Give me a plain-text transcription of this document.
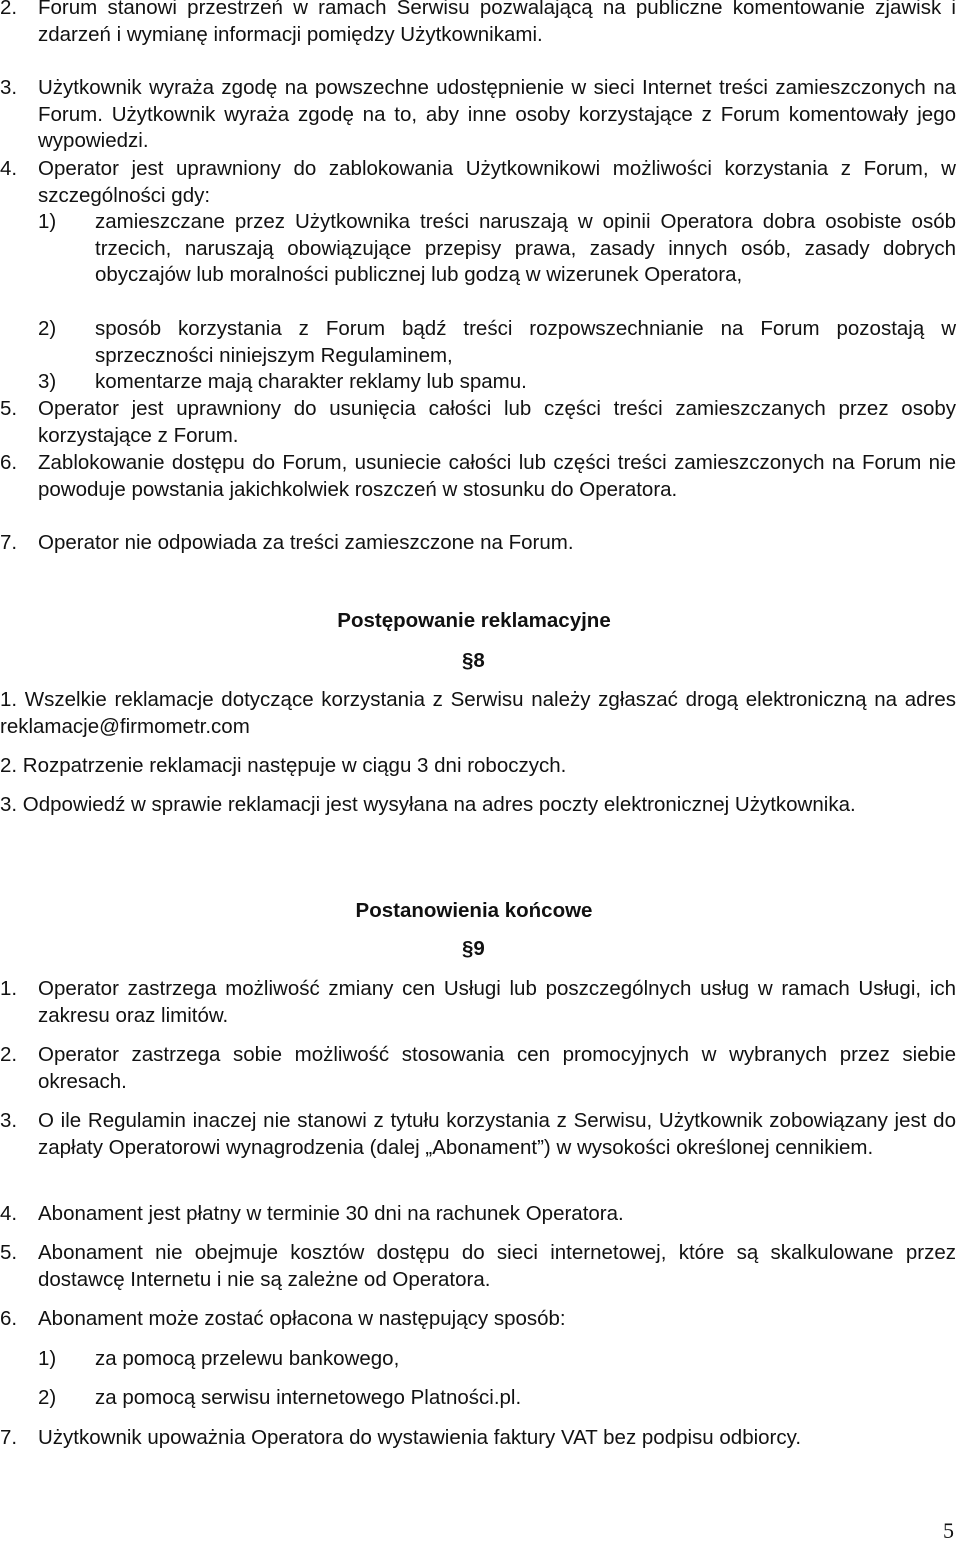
2.	Forum stanowi przestrzeń w ramach Serwisu pozwalającą na publiczne komentowanie zjawisk i zdarzeń i wymianę informacji pomiędzy Użytkownikami.
3.	Użytkownik wyraża zgodę na powszechne udostępnienie w sieci Internet treści zamieszczonych na Forum. Użytkownik wyraża zgodę na to, aby inne osoby korzystające z Forum komentowały jego wypowiedzi.
4.	Operator jest uprawniony do zablokowania Użytkownikowi możliwości korzystania z Forum, w szczególności gdy:
1)	zamieszczane przez Użytkownika treści naruszają w opinii Operatora dobra osobiste osób trzecich, naruszają obowiązujące przepisy prawa, zasady innych osób, zasady dobrych obyczajów lub moralności publicznej lub godzą w wizerunek Operatora,
2)	sposób korzystania z Forum bądź treści rozpowszechnianie na Forum pozostają w sprzeczności niniejszym Regulaminem,
3)	komentarze mają charakter reklamy lub spamu.
5.	Operator jest uprawniony do usunięcia całości lub części treści zamieszczanych przez osoby korzystające z Forum.
6.	Zablokowanie dostępu do Forum, usuniecie całości lub części treści zamieszczonych na Forum nie powoduje powstania jakichkolwiek roszczeń w stosunku do Operatora.
7.	Operator nie odpowiada za treści zamieszczone na Forum.
Postępowanie reklamacyjne
§8
1. Wszelkie reklamacje dotyczące korzystania z Serwisu należy zgłaszać drogą elektroniczną na adres reklamacje@firmometr.com
2. Rozpatrzenie reklamacji następuje w ciągu 3 dni roboczych.
3. Odpowiedź w sprawie reklamacji jest wysyłana na adres poczty elektronicznej Użytkownika.
Postanowienia końcowe
§9
1.	Operator zastrzega możliwość zmiany cen Usługi lub poszczególnych usług w ramach Usługi, ich zakresu oraz limitów.
2.	Operator zastrzega sobie możliwość stosowania cen promocyjnych w wybranych przez siebie okresach.
3.	O ile Regulamin inaczej nie stanowi z tytułu korzystania z Serwisu, Użytkownik zobowiązany jest do zapłaty Operatorowi wynagrodzenia (dalej „Abonament”) w wysokości określonej cennikiem.
4.	Abonament jest płatny w terminie 30 dni na rachunek Operatora.
5.	Abonament nie obejmuje kosztów dostępu do sieci internetowej, które są skalkulowane przez dostawcę Internetu i nie są zależne od Operatora.
6.	Abonament może zostać opłacona w następujący sposób:
1)	za pomocą przelewu bankowego,
2)	za pomocą serwisu internetowego Platności.pl.
7.	Użytkownik upoważnia Operatora do wystawienia faktury VAT bez podpisu odbiorcy.
5
